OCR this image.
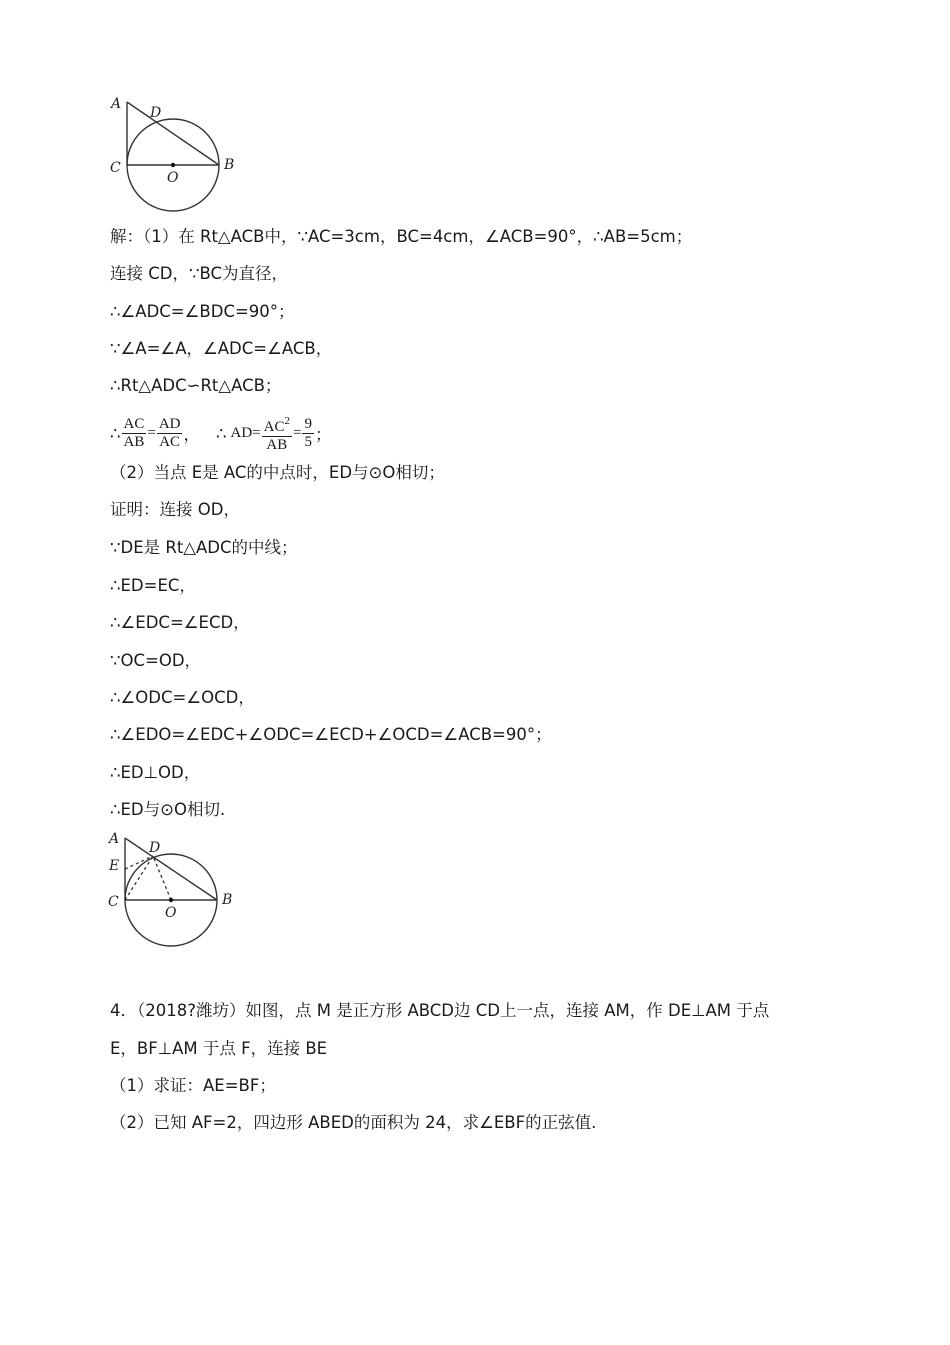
A
D
C
O
B
解：（1）在 Rt△ACB中，∵AC=3cm，BC=4cm，∠ACB=90°，∴AB=5cm；
连接 CD，∵BC为直径，
∴∠ADC=∠BDC=90°；
∵∠A=∠A，∠ADC=∠ACB，
∴Rt△ADC∽Rt△ACB；
∴ $\frac{AC}{AB} = \frac{AD}{AC}$ ， ∴ AD = $\frac{AC^2}{AB} = \frac{9}{5}$ ；
（2）当点 E是 AC的中点时，ED与⊙O相切；
证明：连接 OD，
∵DE是 Rt△ADC的中线；
∴ED=EC，
∴∠EDC=∠ECD，
∵OC=OD，
∴∠ODC=∠OCD，
∴∠EDO=∠EDC+∠ODC=∠ECD+∠OCD=∠ACB=90°；
∴ED⊥OD，
∴ED与⊙O相切.
A
D
E
C
O
B
4．（2018?潍坊）如图，点 M 是正方形 ABCD边 CD上一点，连接 AM，作 DE⊥AM 于点
E，BF⊥AM 于点 F，连接 BE
（1）求证：AE=BF；
（2）已知 AF=2，四边形 ABED的面积为 24，求∠EBF的正弦值.
